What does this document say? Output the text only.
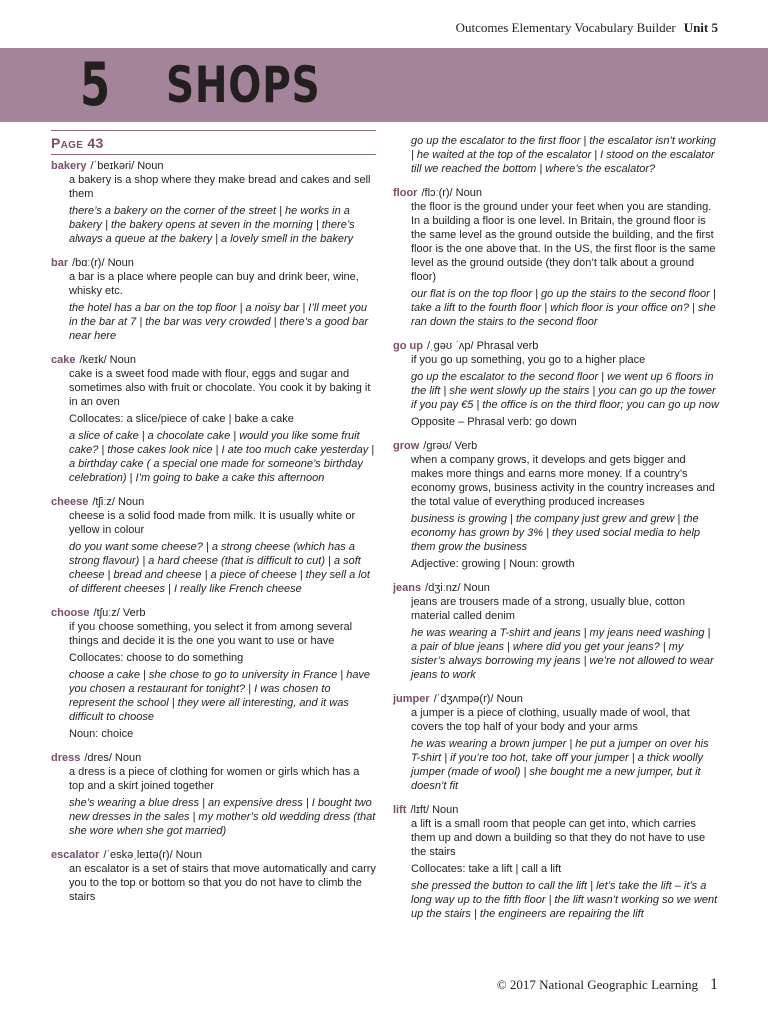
Outcomes Elementary Vocabulary Builder Unit 5
5 SHOPS
Page 43
bakery /ˈbeɪkəri/ Noun
a bakery is a shop where they make bread and cakes and sell them
there’s a bakery on the corner of the street | he works in a bakery | the bakery opens at seven in the morning | there’s always a queue at the bakery | a lovely smell in the bakery
bar /bɑː(r)/ Noun
a bar is a place where people can buy and drink beer, wine, whisky etc.
the hotel has a bar on the top floor | a noisy bar | I’ll meet you in the bar at 7 | the bar was very crowded | there’s a good bar near here
cake /keɪk/ Noun
cake is a sweet food made with flour, eggs and sugar and sometimes also with fruit or chocolate. You cook it by baking it in an oven
Collocates: a slice/piece of cake | bake a cake
a slice of cake | a chocolate cake | would you like some fruit cake? | those cakes look nice | I ate too much cake yesterday | a birthday cake ( a special one made for someone’s birthday celebration) | I’m going to bake a cake this afternoon
cheese /tʃiːz/ Noun
cheese is a solid food made from milk. It is usually white or yellow in colour
do you want some cheese? | a strong cheese (which has a strong flavour) | a hard cheese (that is difficult to cut) | a soft cheese | bread and cheese | a piece of cheese | they sell a lot of different cheeses | I really like French cheese
choose /tʃuːz/ Verb
if you choose something, you select it from among several things and decide it is the one you want to use or have
Collocates: choose to do something
choose a cake | she chose to go to university in France | have you chosen a restaurant for tonight? | I was chosen to represent the school | they were all interesting, and it was difficult to choose
Noun: choice
dress /dres/ Noun
a dress is a piece of clothing for women or girls which has a top and a skirt joined together
she’s wearing a blue dress | an expensive dress | I bought two new dresses in the sales | my mother’s old wedding dress (that she wore when she got married)
escalator /ˈeskəˌleɪtə(r)/ Noun
an escalator is a set of stairs that move automatically and carry you to the top or bottom so that you do not have to climb the stairs
go up the escalator to the first floor | the escalator isn’t working | he waited at the top of the escalator | I stood on the escalator till we reached the bottom | where’s the escalator?
floor /flɔː(r)/ Noun
the floor is the ground under your feet when you are standing. In a building a floor is one level. In Britain, the ground floor is the same level as the ground outside the building, and the first floor is the one above that. In the US, the first floor is the same level as the ground outside (they don’t talk about a ground floor)
our flat is on the top floor | go up the stairs to the second floor | take a lift to the fourth floor | which floor is your office on? | she ran down the stairs to the second floor
go up /ˌɡəʊ ˈʌp/ Phrasal verb
if you go up something, you go to a higher place
go up the escalator to the second floor | we went up 6 floors in the lift | she went slowly up the stairs | you can go up the tower if you pay €5 | the office is on the third floor; you can go up now
Opposite – Phrasal verb: go down
grow /ɡrəʊ/ Verb
when a company grows, it develops and gets bigger and makes more things and earns more money. If a country’s economy grows, business activity in the country increases and the total value of everything produced increases
business is growing | the company just grew and grew | the economy has grown by 3% | they used social media to help them grow the business
Adjective: growing | Noun: growth
jeans /dʒiːnz/ Noun
jeans are trousers made of a strong, usually blue, cotton material called denim
he was wearing a T-shirt and jeans | my jeans need washing | a pair of blue jeans | where did you get your jeans? | my sister’s always borrowing my jeans | we’re not allowed to wear jeans to work
jumper /ˈdʒʌmpə(r)/ Noun
a jumper is a piece of clothing, usually made of wool, that covers the top half of your body and your arms
he was wearing a brown jumper | he put a jumper on over his T-shirt | if you’re too hot, take off your jumper | a thick woolly jumper (made of wool) | she bought me a new jumper, but it doesn’t fit
lift /lɪft/ Noun
a lift is a small room that people can get into, which carries them up and down a building so that they do not have to use the stairs
Collocates: take a lift | call a lift
she pressed the button to call the lift | let’s take the lift – it’s a long way up to the fifth floor | the lift wasn’t working so we went up the stairs | the engineers are repairing the lift
© 2017 National Geographic Learning 1
